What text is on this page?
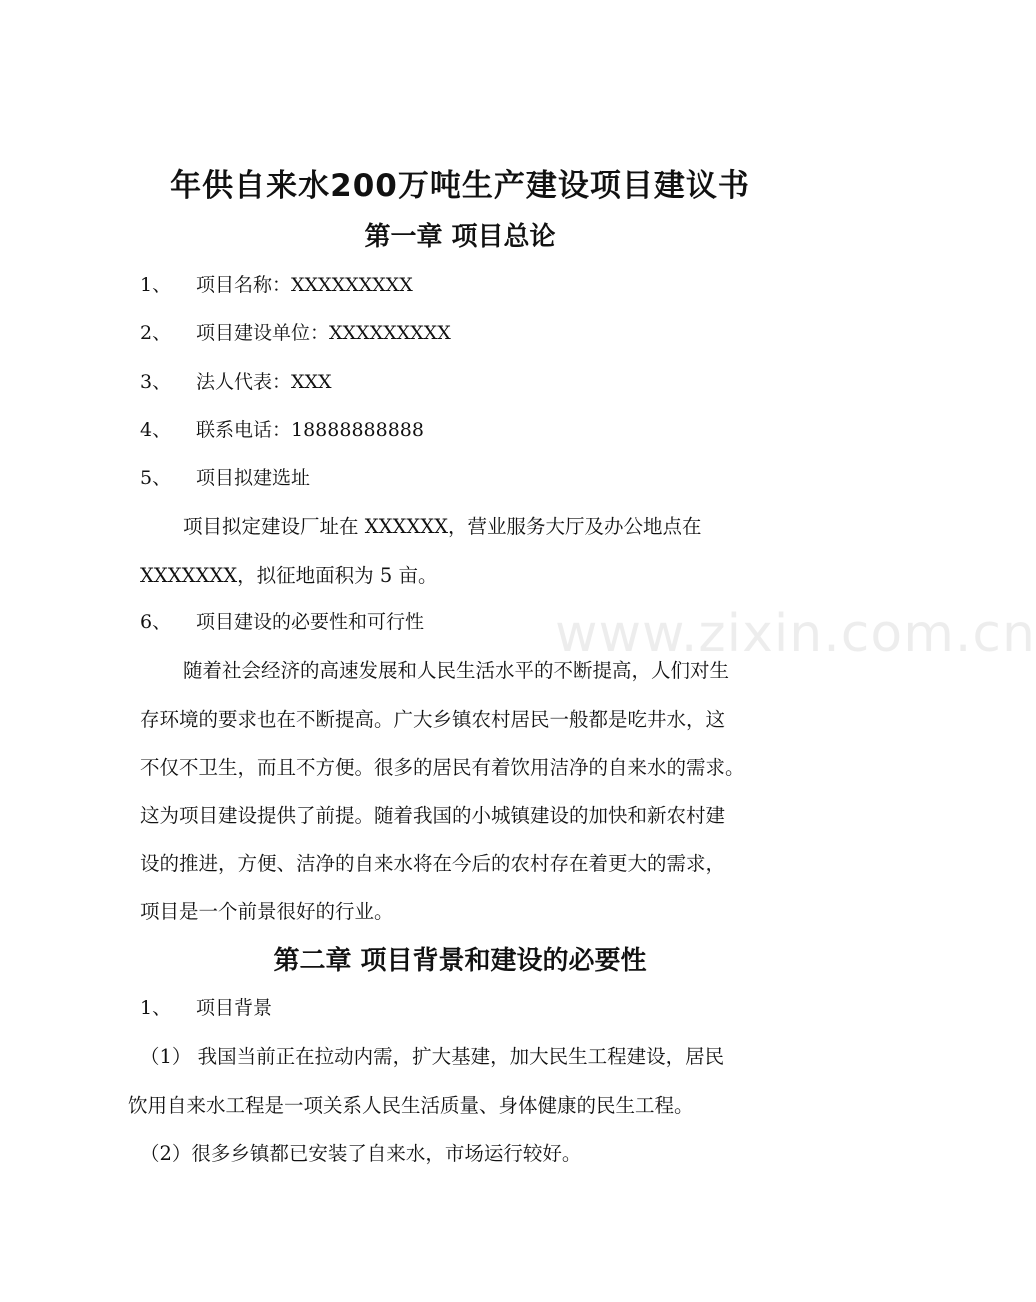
年供自来水200万吨生产建设项目建议书
第一章 项目总论
1、 项目名称：XXXXXXXXX
2、 项目建设单位：XXXXXXXXX
3、 法人代表：XXX
4、 联系电话：18888888888
5、 项目拟建选址
项目拟定建设厂址在 XXXXXX，营业服务大厅及办公地点在
XXXXXXX，拟征地面积为 5 亩。
6、 项目建设的必要性和可行性	www.zixin.com.cn
随着社会经济的高速发展和人民生活水平的不断提高，人们对生
存环境的要求也在不断提高。广大乡镇农村居民一般都是吃井水，这
不仅不卫生，而且不方便。很多的居民有着饮用洁净的自来水的需求。
这为项目建设提供了前提。随着我国的小城镇建设的加快和新农村建
设的推进，方便、洁净的自来水将在今后的农村存在着更大的需求，
项目是一个前景很好的行业。
第二章 项目背景和建设的必要性
1、 项目背景
（1） 我国当前正在拉动内需，扩大基建，加大民生工程建设，居民
饮用自来水工程是一项关系人民生活质量、身体健康的民生工程。
（2）很多乡镇都已安装了自来水，市场运行较好。
